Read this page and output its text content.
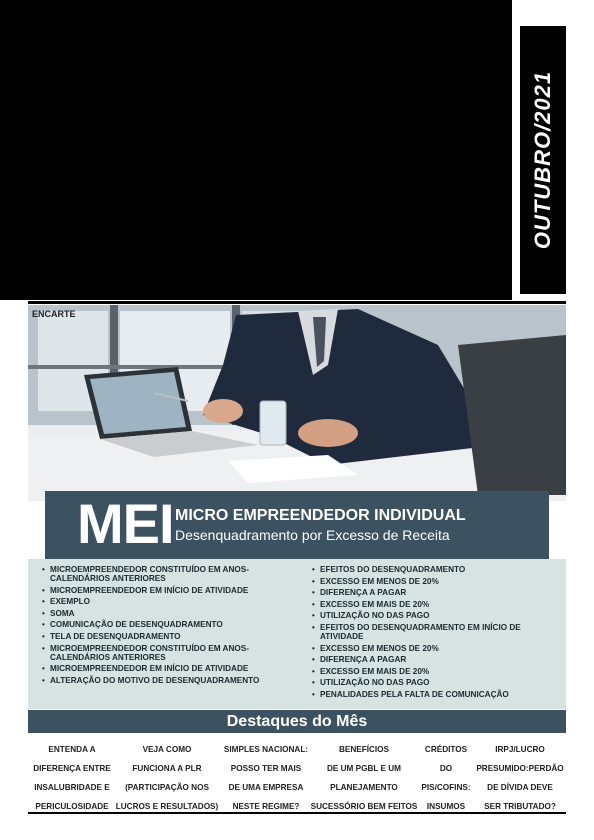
OUTUBRO/2021
ENCARTE
MEI MICRO EMPREENDEDOR INDIVIDUAL
Desenquadramento por Excesso de Receita
• MICROEMPREENDEDOR CONSTITUÍDO EM ANOS-CALENDÁRIOS ANTERIORES
• MICROEMPREENDEDOR EM INÍCIO DE ATIVIDADE
• EXEMPLO
• SOMA
• COMUNICAÇÃO DE DESENQUADRAMENTO
• TELA DE DESENQUADRAMENTO
• MICROEMPREENDEDOR CONSTITUÍDO EM ANOS-CALENDÁRIOS ANTERIORES
• MICROEMPREENDEDOR EM INÍCIO DE ATIVIDADE
• ALTERAÇÃO DO MOTIVO DE DESENQUADRAMENTO
• EFEITOS DO DESENQUADRAMENTO
• EXCESSO EM MENOS DE 20%
• DIFERENÇA A PAGAR
• EXCESSO EM MAIS DE 20%
• UTILIZAÇÃO NO DAS PAGO
• EFEITOS DO DESENQUADRAMENTO EM INÍCIO DE ATIVIDADE
• EXCESSO EM MENOS DE 20%
• DIFERENÇA A PAGAR
• EXCESSO EM MAIS DE 20%
• UTILIZAÇÃO NO DAS PAGO
• PENALIDADES PELA FALTA DE COMUNICAÇÃO
Destaques do Mês
ENTENDA A
DIFERENÇA ENTRE
INSALUBRIDADE E
PERICULOSIDADE
VEJA COMO
FUNCIONA A PLR
(PARTICIPAÇÃO NOS
LUCROS E RESULTADOS)
SIMPLES NACIONAL:
POSSO TER MAIS
DE UMA EMPRESA
NESTE REGIME?
BENEFÍCIOS
DE UM PGBL E UM
PLANEJAMENTO
SUCESSÓRIO BEM FEITOS
CRÉDITOS
DO
PIS/COFINS:
INSUMOS
IRPJ/LUCRO
PRESUMIDO:PERDÃO
DE DÍVIDA DEVE
SER TRIBUTADO?
